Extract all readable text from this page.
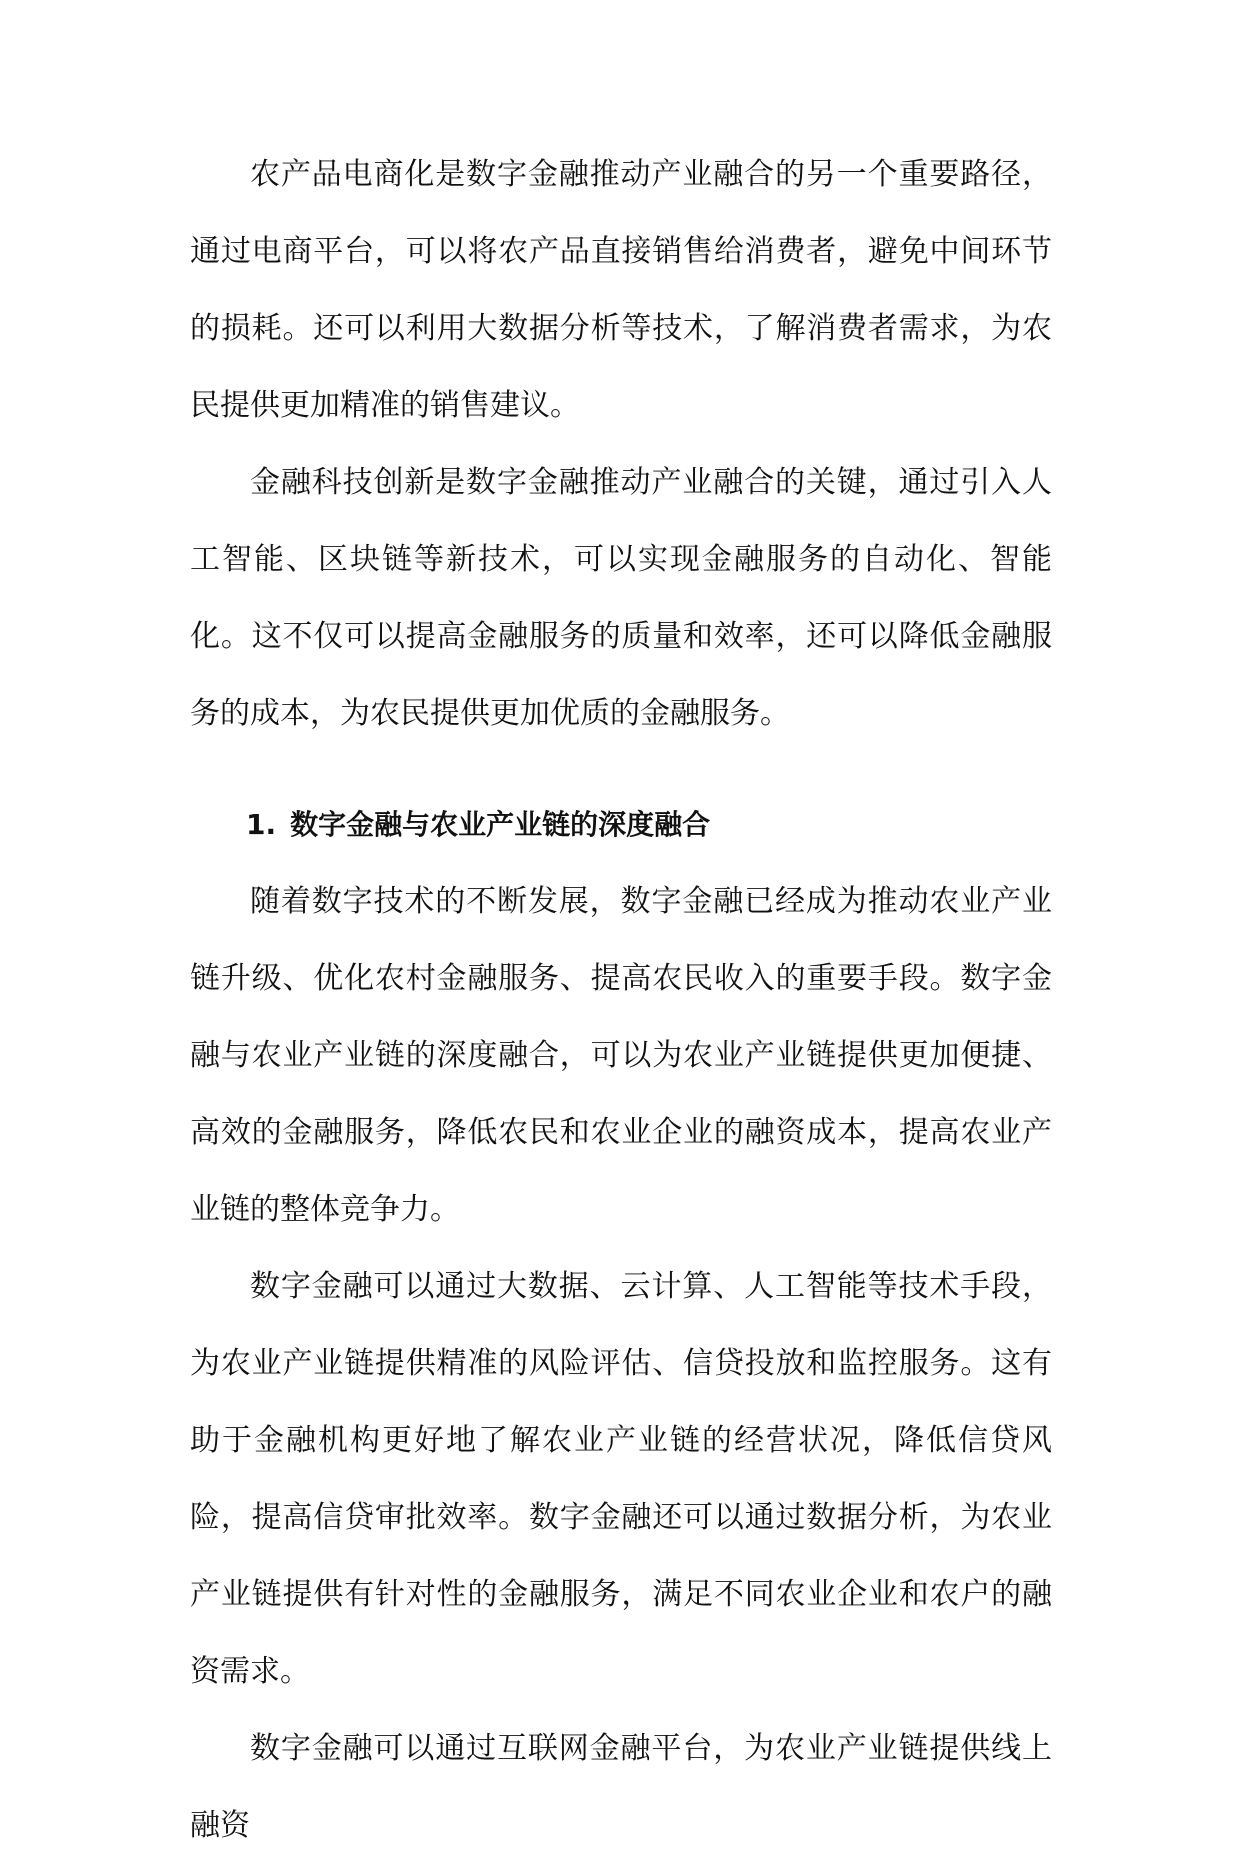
农产品电商化是数字金融推动产业融合的另一个重要路径，通过电商平台，可以将农产品直接销售给消费者，避免中间环节的损耗。还可以利用大数据分析等技术，了解消费者需求，为农民提供更加精准的销售建议。

金融科技创新是数字金融推动产业融合的关键，通过引入人工智能、区块链等新技术，可以实现金融服务的自动化、智能化。这不仅可以提高金融服务的质量和效率，还可以降低金融服务的成本，为农民提供更加优质的金融服务。

1. 数字金融与农业产业链的深度融合

随着数字技术的不断发展，数字金融已经成为推动农业产业链升级、优化农村金融服务、提高农民收入的重要手段。数字金融与农业产业链的深度融合，可以为农业产业链提供更加便捷、高效的金融服务，降低农民和农业企业的融资成本，提高农业产业链的整体竞争力。

数字金融可以通过大数据、云计算、人工智能等技术手段，为农业产业链提供精准的风险评估、信贷投放和监控服务。这有助于金融机构更好地了解农业产业链的经营状况，降低信贷风险，提高信贷审批效率。数字金融还可以通过数据分析，为农业产业链提供有针对性的金融服务，满足不同农业企业和农户的融资需求。

数字金融可以通过互联网金融平台，为农业产业链提供线上融资
